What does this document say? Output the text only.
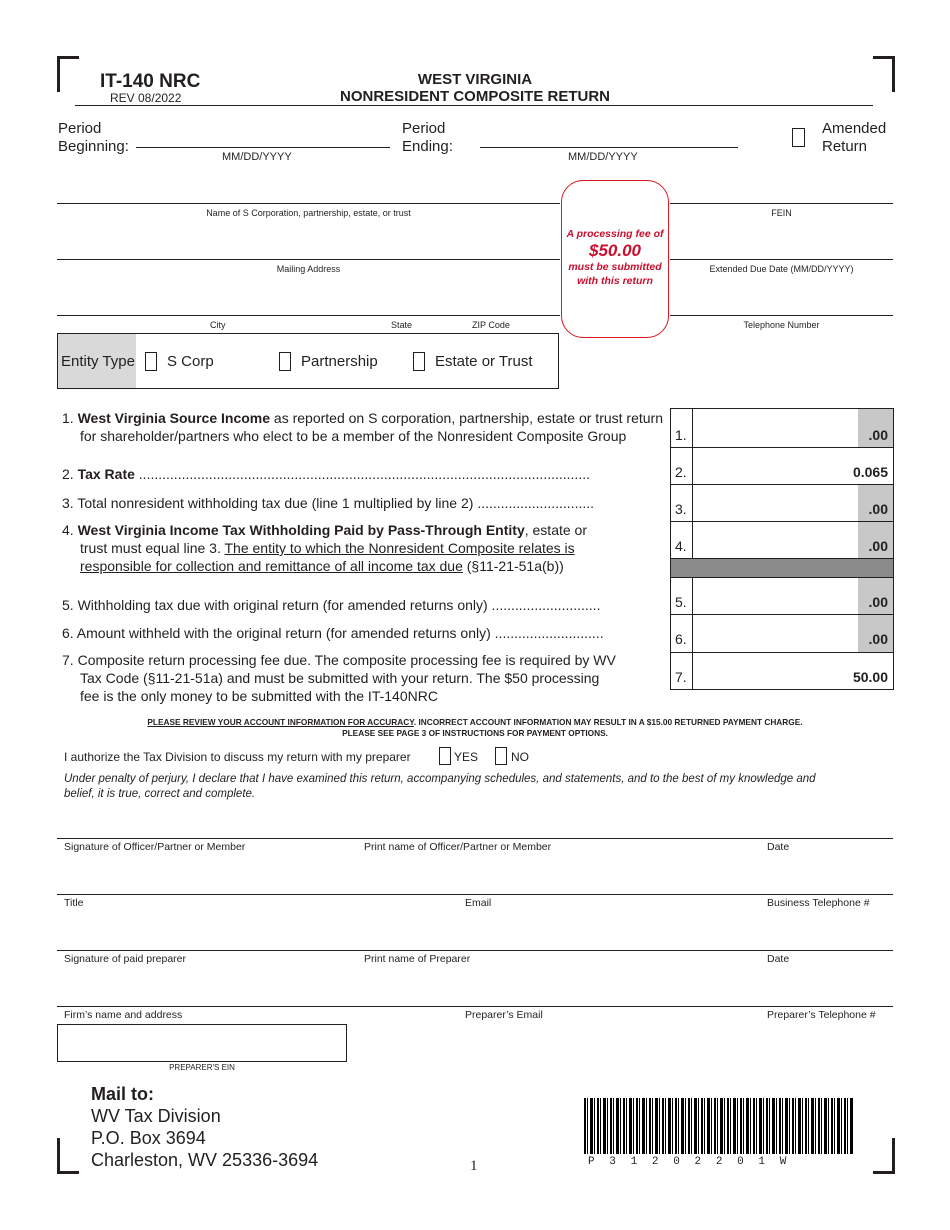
IT-140 NRC
REV 08/2022
WEST VIRGINIA
NONRESIDENT COMPOSITE RETURN
Period
Beginning:
MM/DD/YYYY
Period
Ending:
MM/DD/YYYY
Amended
Return
Name of S Corporation, partnership, estate, or trust	FEIN
Mailing Address	Extended Due Date (MM/DD/YYYY)
City	State	ZIP Code	Telephone Number
A processing fee of
$50.00
must be submitted
with this return
Entity Type S Corp	Partnership	Estate or Trust
1. West Virginia Source Income as reported on S corporation, partnership, estate or trust return
for shareholder/partners who elect to be a member of the Nonresident Composite Group
2. Tax Rate ....................................................................................................................
3. Total nonresident withholding tax due (line 1 multiplied by line 2) ..............................
4. West Virginia Income Tax Withholding Paid by Pass-Through Entity, estate or
trust must equal line 3. The entity to which the Nonresident Composite relates is
responsible for collection and remittance of all income tax due (§11-21-51a(b))
5. Withholding tax due with original return (for amended returns only) ............................
6. Amount withheld with the original return (for amended returns only) ............................
7. Composite return processing fee due. The composite processing fee is required by WV
Tax Code (§11-21-51a) and must be submitted with your return. The $50 processing
fee is the only money to be submitted with the IT-140NRC
1.	.00
2.	0.065
3.	.00
4.	.00
5.	.00
6.	.00
7.	50.00
PLEASE REVIEW YOUR ACCOUNT INFORMATION FOR ACCURACY. INCORRECT ACCOUNT INFORMATION MAY RESULT IN A $15.00 RETURNED PAYMENT CHARGE.
PLEASE SEE PAGE 3 OF INSTRUCTIONS FOR PAYMENT OPTIONS.
I authorize the Tax Division to discuss my return with my preparer	YES	NO
Under penalty of perjury, I declare that I have examined this return, accompanying schedules, and statements, and to the best of my knowledge and
belief, it is true, correct and complete.
Signature of Officer/Partner or Member	Print name of Officer/Partner or Member	Date
Title	Email	Business Telephone #
Signature of paid preparer	Print name of Preparer	Date
Firm’s name and address	Preparer’s Email	Preparer’s Telephone #
PREPARER'S EIN
Mail to:
WV Tax Division
P.O. Box 3694
Charleston, WV 25336-3694	1	P  3  1  2  0  2  2  0  1  W
